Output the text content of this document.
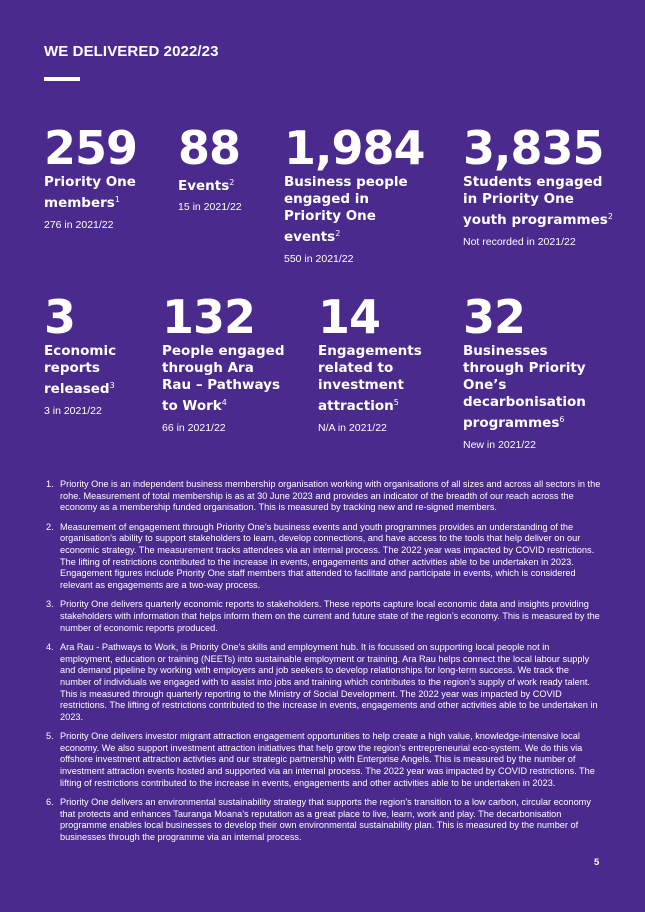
WE DELIVERED 2022/23
259
Priority One members$^1$
276 in 2021/22
88
Events$^2$
15 in 2021/22
1,984
Business people engaged in Priority One events$^2$
550 in 2021/22
3,835
Students engaged in Priority One youth programmes$^2$
Not recorded in 2021/22
3
Economic reports released$^3$
3 in 2021/22
132
People engaged through Ara Rau – Pathways to Work$^4$
66 in 2021/22
14
Engagements related to investment attraction$^5$
N/A in 2021/22
32
Businesses through Priority One’s decarbonisation programmes$^6$
New in 2021/22
1. Priority One is an independent business membership organisation working with organisations of all sizes and across all sectors in the rohe. Measurement of total membership is as at 30 June 2023 and provides an indicator of the breadth of our reach across the economy as a membership funded organisation. This is measured by tracking new and re-signed members.
2. Measurement of engagement through Priority One’s business events and youth programmes provides an understanding of the organisation’s ability to support stakeholders to learn, develop connections, and have access to the tools that help deliver on our economic strategy. The measurement tracks attendees via an internal process. The 2022 year was impacted by COVID restrictions. The lifting of restrictions contributed to the increase in events, engagements and other activities able to be undertaken in 2023. Engagement figures include Priority One staff members that attended to facilitate and participate in events, which is considered relevant as engagements are a two-way process.
3. Priority One delivers quarterly economic reports to stakeholders. These reports capture local economic data and insights providing stakeholders with information that helps inform them on the current and future state of the region’s economy. This is measured by the number of economic reports produced.
4. Ara Rau - Pathways to Work, is Priority One’s skills and employment hub. It is focussed on supporting local people not in employment, education or training (NEETs) into sustainable employment or training. Ara Rau helps connect the local labour supply and demand pipeline by working with employers and job seekers to develop relationships for long-term success. We track the number of individuals we engaged with to assist into jobs and training which contributes to the region’s supply of work ready talent. This is measured through quarterly reporting to the Ministry of Social Development. The 2022 year was impacted by COVID restrictions. The lifting of restrictions contributed to the increase in events, engagements and other activities able to be undertaken in 2023.
5. Priority One delivers investor migrant attraction engagement opportunities to help create a high value, knowledge-intensive local economy. We also support investment attraction initiatives that help grow the region’s entrepreneurial eco-system. We do this via offshore investment attraction activties and our strategic partnership with Enterprise Angels. This is measured by the number of investment attraction events hosted and supported via an internal process. The 2022 year was impacted by COVID restrictions. The lifting of restrictions contributed to the increase in events, engagements and other activities able to be undertaken in 2023.
6. Priority One delivers an environmental sustainability strategy that supports the region’s transition to a low carbon, circular economy that protects and enhances Tauranga Moana’s reputation as a great place to live, learn, work and play. The decarbonisation programme enables local businesses to develop their own environmental sustainability plan. This is measured by the number of businesses through the programme via an internal process.
5
